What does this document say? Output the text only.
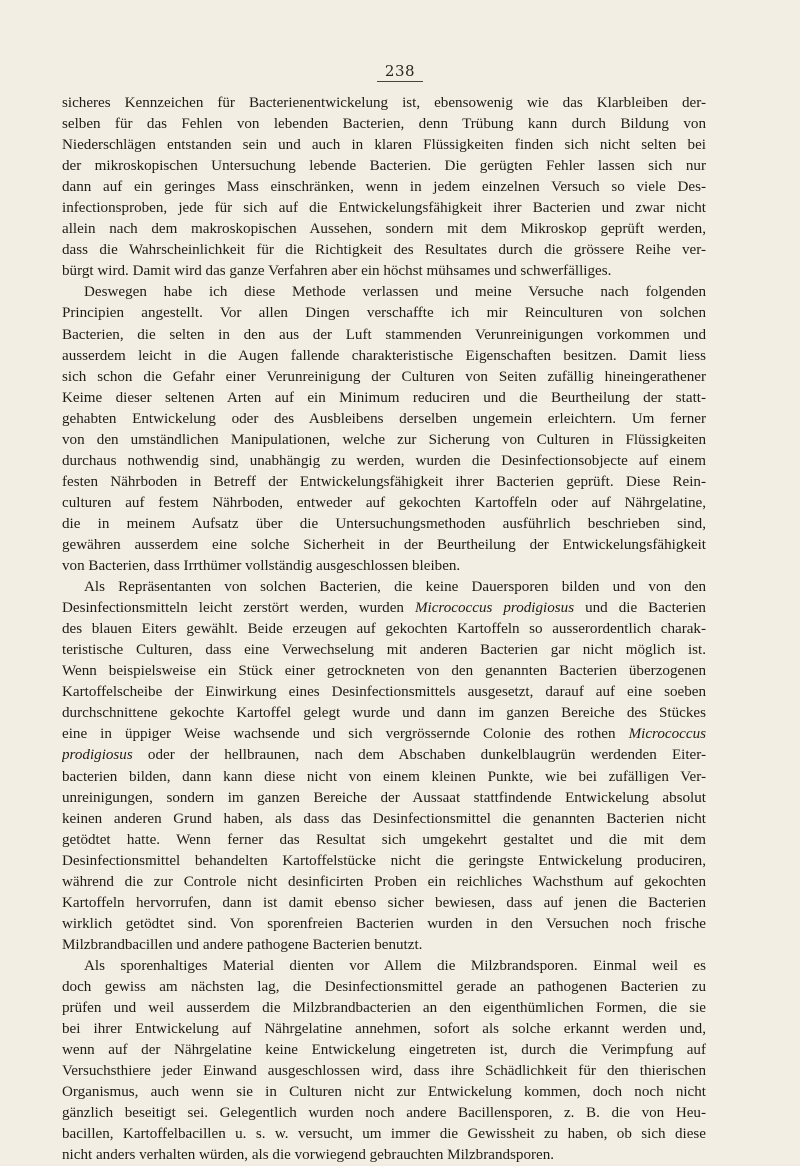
238
sicheres Kennzeichen für Bacterienentwickelung ist, ebensowenig wie das Klarbleiben der-
selben für das Fehlen von lebenden Bacterien, denn Trübung kann durch Bildung von
Niederschlägen entstanden sein und auch in klaren Flüssigkeiten finden sich nicht selten bei
der mikroskopischen Untersuchung lebende Bacterien. Die gerügten Fehler lassen sich nur
dann auf ein geringes Mass einschränken, wenn in jedem einzelnen Versuch so viele Des-
infectionsproben, jede für sich auf die Entwickelungsfähigkeit ihrer Bacterien und zwar nicht
allein nach dem makroskopischen Aussehen, sondern mit dem Mikroskop geprüft werden,
dass die Wahrscheinlichkeit für die Richtigkeit des Resultates durch die grössere Reihe ver-
bürgt wird. Damit wird das ganze Verfahren aber ein höchst mühsames und schwerfälliges.
Deswegen habe ich diese Methode verlassen und meine Versuche nach folgenden
Principien angestellt. Vor allen Dingen verschaffte ich mir Reinculturen von solchen
Bacterien, die selten in den aus der Luft stammenden Verunreinigungen vorkommen und
ausserdem leicht in die Augen fallende charakteristische Eigenschaften besitzen. Damit liess
sich schon die Gefahr einer Verunreinigung der Culturen von Seiten zufällig hineingerathener
Keime dieser seltenen Arten auf ein Minimum reduciren und die Beurtheilung der statt-
gehabten Entwickelung oder des Ausbleibens derselben ungemein erleichtern. Um ferner
von den umständlichen Manipulationen, welche zur Sicherung von Culturen in Flüssigkeiten
durchaus nothwendig sind, unabhängig zu werden, wurden die Desinfectionsobjecte auf einem
festen Nährboden in Betreff der Entwickelungsfähigkeit ihrer Bacterien geprüft. Diese Rein-
culturen auf festem Nährboden, entweder auf gekochten Kartoffeln oder auf Nährgelatine,
die in meinem Aufsatz über die Untersuchungsmethoden ausführlich beschrieben sind,
gewähren ausserdem eine solche Sicherheit in der Beurtheilung der Entwickelungsfähigkeit
von Bacterien, dass Irrthümer vollständig ausgeschlossen bleiben.
Als Repräsentanten von solchen Bacterien, die keine Dauersporen bilden und von den
Desinfectionsmitteln leicht zerstört werden, wurden Micrococcus prodigiosus und die Bacterien
des blauen Eiters gewählt. Beide erzeugen auf gekochten Kartoffeln so ausserordentlich charak-
teristische Culturen, dass eine Verwechselung mit anderen Bacterien gar nicht möglich ist.
Wenn beispielsweise ein Stück einer getrockneten von den genannten Bacterien überzogenen
Kartoffelscheibe der Einwirkung eines Desinfectionsmittels ausgesetzt, darauf auf eine soeben
durchschnittene gekochte Kartoffel gelegt wurde und dann im ganzen Bereiche des Stückes
eine in üppiger Weise wachsende und sich vergrössernde Colonie des rothen Micrococcus
prodigiosus oder der hellbraunen, nach dem Abschaben dunkelblaugrün werdenden Eiter-
bacterien bilden, dann kann diese nicht von einem kleinen Punkte, wie bei zufälligen Ver-
unreinigungen, sondern im ganzen Bereiche der Aussaat stattfindende Entwickelung absolut
keinen anderen Grund haben, als dass das Desinfectionsmittel die genannten Bacterien nicht
getödtet hatte. Wenn ferner das Resultat sich umgekehrt gestaltet und die mit dem
Desinfectionsmittel behandelten Kartoffelstücke nicht die geringste Entwickelung produciren,
während die zur Controle nicht desinficirten Proben ein reichliches Wachsthum auf gekochten
Kartoffeln hervorrufen, dann ist damit ebenso sicher bewiesen, dass auf jenen die Bacterien
wirklich getödtet sind. Von sporenfreien Bacterien wurden in den Versuchen noch frische
Milzbrandbacillen und andere pathogene Bacterien benutzt.
Als sporenhaltiges Material dienten vor Allem die Milzbrandsporen. Einmal weil es
doch gewiss am nächsten lag, die Desinfectionsmittel gerade an pathogenen Bacterien zu
prüfen und weil ausserdem die Milzbrandbacterien an den eigenthümlichen Formen, die sie
bei ihrer Entwickelung auf Nährgelatine annehmen, sofort als solche erkannt werden und,
wenn auf der Nährgelatine keine Entwickelung eingetreten ist, durch die Verimpfung auf
Versuchsthiere jeder Einwand ausgeschlossen wird, dass ihre Schädlichkeit für den thierischen
Organismus, auch wenn sie in Culturen nicht zur Entwickelung kommen, doch noch nicht
gänzlich beseitigt sei. Gelegentlich wurden noch andere Bacillensporen, z. B. die von Heu-
bacillen, Kartoffelbacillen u. s. w. versucht, um immer die Gewissheit zu haben, ob sich diese
nicht anders verhalten würden, als die vorwiegend gebrauchten Milzbrandsporen.
